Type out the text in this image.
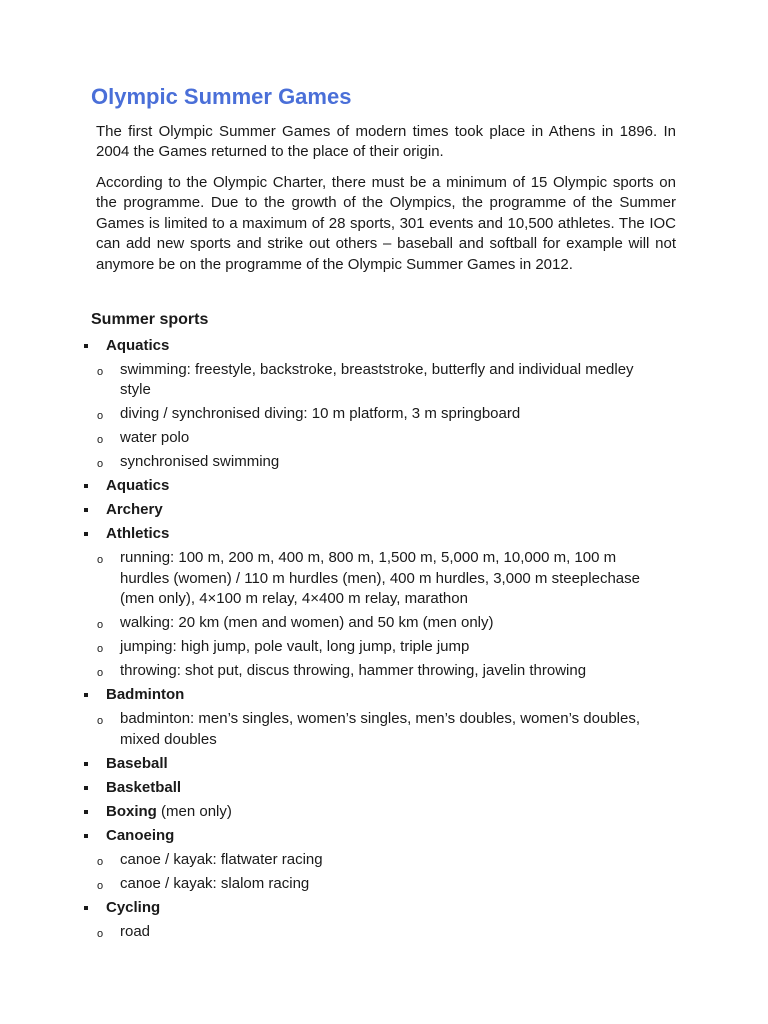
Olympic Summer Games

The first Olympic Summer Games of modern times took place in Athens in 1896. In 2004 the Games returned to the place of their origin.

According to the Olympic Charter, there must be a minimum of 15 Olympic sports on the programme. Due to the growth of the Olympics, the programme of the Summer Games is limited to a maximum of 28 sports, 301 events and 10,500 athletes. The IOC can add new sports and strike out others – baseball and softball for example will not anymore be on the programme of the Olympic Summer Games in 2012.

Summer sports
Aquatics
o swimming: freestyle, backstroke, breaststroke, butterfly and individual medley style
o diving / synchronised diving: 10 m platform, 3 m springboard
o water polo
o synchronised swimming
Aquatics
Archery
Athletics
o running: 100 m, 200 m, 400 m, 800 m, 1,500 m, 5,000 m, 10,000 m, 100 m hurdles (women) / 110 m hurdles (men), 400 m hurdles, 3,000 m steeplechase (men only), 4×100 m relay, 4×400 m relay, marathon
o walking: 20 km (men and women) and 50 km (men only)
o jumping: high jump, pole vault, long jump, triple jump
o throwing: shot put, discus throwing, hammer throwing, javelin throwing
Badminton
o badminton: men’s singles, women’s singles, men’s doubles, women’s doubles, mixed doubles
Baseball
Basketball
Boxing (men only)
Canoeing
o canoe / kayak: flatwater racing
o canoe / kayak: slalom racing
Cycling
o road
